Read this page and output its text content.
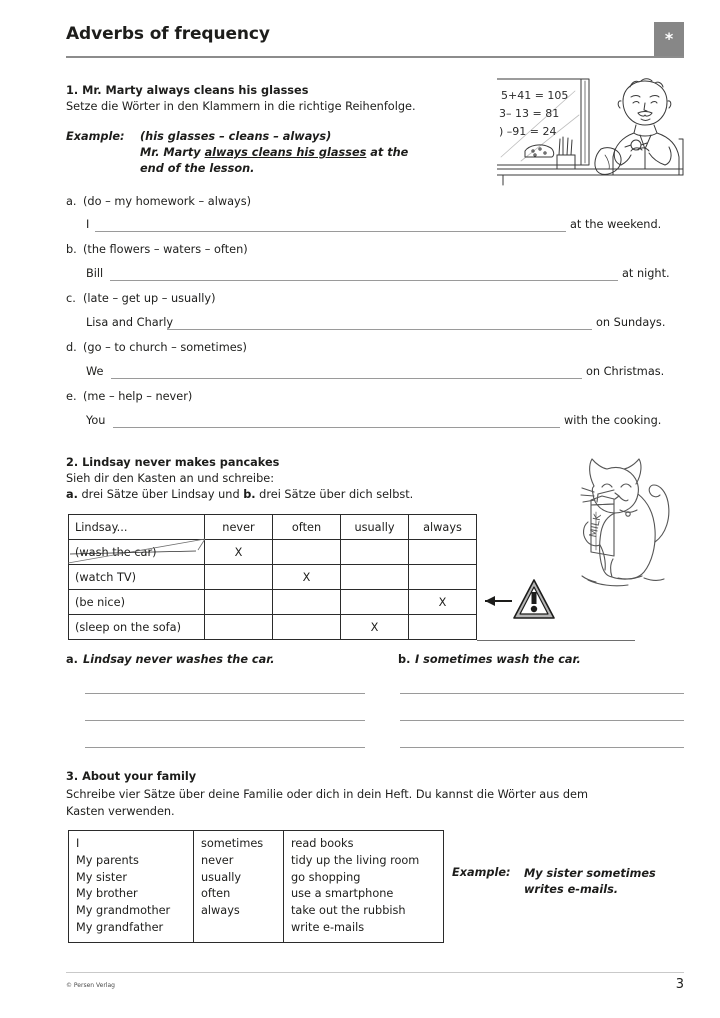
Adverbs of frequency	*
1. Mr. Marty always cleans his glasses
Setze die Wörter in den Klammern in die richtige Reihenfolge.
Example: (his glasses – cleans – always)
Mr. Marty always cleans his glasses at the
end of the lesson.
a. (do – my homework – always)
I	at the weekend.
b. (the flowers – waters – often)
Bill	at night.
c. (late – get up – usually)
Lisa and Charly	on Sundays.
d. (go – to church – sometimes)
We	on Christmas.
e. (me – help – never)
You	with the cooking.
2. Lindsay never makes pancakes
Sieh dir den Kasten an und schreibe:
a. drei Sätze über Lindsay und b. drei Sätze über dich selbst.
Lindsay...	never	often	usually	always
(wash the car)	X			
(watch TV)		X		
(be nice)				X
(sleep on the sofa)			X	
MILK
a. Lindsay never washes the car.	b. I sometimes wash the car.
3. About your family
Schreibe vier Sätze über deine Familie oder dich in dein Heft. Du kannst die Wörter aus dem
Kasten verwenden.
I
My parents
My sister
My brother
My grandmother
My grandfather
sometimes
never
usually
often
always
read books
tidy up the living room
go shopping
use a smartphone
take out the rubbish
write e-mails
Example: My sister sometimes
writes e-mails.
5+41 = 105
3– 13 = 81
) –91 = 24
© Persen Verlag	3
